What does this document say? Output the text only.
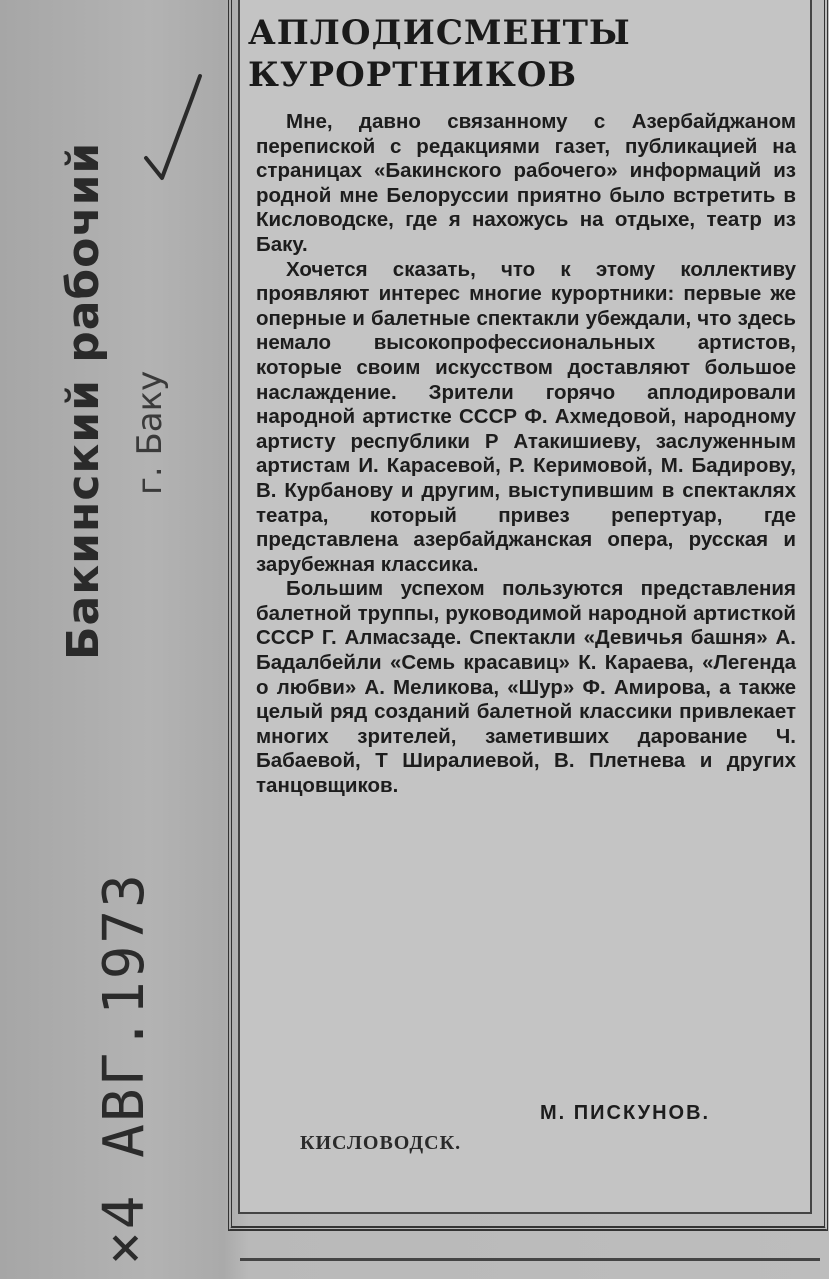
Бакинский рабочий г. Баку
×4 АВГ.1973
АПЛОДИСМЕНТЫ
КУРОРТНИКОВ

Мне, давно связанному с Азербайджаном перепиской с редакциями газет, публикацией на страницах «Бакинского рабочего» информаций из родной мне Белоруссии приятно было встретить в Кисловодске, где я нахожусь на отдыхе, театр из Баку.

Хочется сказать, что к этому коллективу проявляют интерес многие курортники: первые же оперные и балетные спектакли убеждали, что здесь немало высокопрофессиональных артистов, которые своим искусством доставляют большое наслаждение. Зрители горячо аплодировали народной артистке СССР Ф. Ахмедовой, народному артисту республики Р Атакишиеву, заслуженным артистам И. Карасевой, Р. Керимовой, М. Бадирову, В. Курбанову и другим, выступившим в спектаклях театра, который привез репертуар, где представлена азербайджанская опера, русская и зарубежная классика.

Большим успехом пользуются представления балетной труппы, руководимой народной артисткой СССР Г. Алмасзаде. Спектакли «Девичья башня» А. Бадалбейли «Семь красавиц» К. Караева, «Легенда о любви» А. Меликова, «Шур» Ф. Амирова, а также целый ряд созданий балетной классики привлекает многих зрителей, заметивших дарование Ч. Бабаевой, Т Ширалиевой, В. Плетнева и других танцовщиков.

М. ПИСКУНОВ.
КИСЛОВОДСК.
